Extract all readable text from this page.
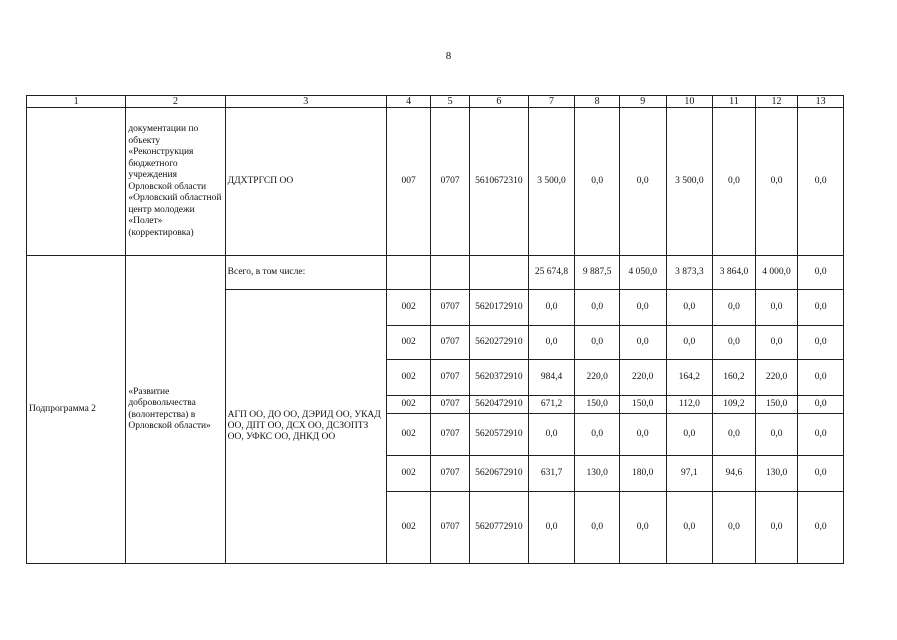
8
1	2	3	4	5	6	7	8	9	10	11	12	13
	документации по объекту «Реконструкция бюджетного учреждения Орловской области «Орловский областной центр молодежи «Полет» (корректировка)	ДДХТРГСП ОО	007	0707	5610672310	3 500,0	0,0	0,0	3 500,0	0,0	0,0	0,0
Подпрограмма 2	«Развитие добровольчества (волонтерства) в Орловской области»	Всего, в том числе:				25 674,8	9 887,5	4 050,0	3 873,3	3 864,0	4 000,0	0,0
		АГП ОО, ДО ОО, ДЭРИД ОО, УКАД ОО, ДПТ ОО, ДСХ ОО, ДСЗОПТЗ ОО, УФКС ОО, ДНКД ОО	002	0707	5620172910	0,0	0,0	0,0	0,0	0,0	0,0	0,0
			002	0707	5620272910	0,0	0,0	0,0	0,0	0,0	0,0	0,0
			002	0707	5620372910	984,4	220,0	220,0	164,2	160,2	220,0	0,0
			002	0707	5620472910	671,2	150,0	150,0	112,0	109,2	150,0	0,0
			002	0707	5620572910	0,0	0,0	0,0	0,0	0,0	0,0	0,0
			002	0707	5620672910	631,7	130,0	180,0	97,1	94,6	130,0	0,0
			002	0707	5620772910	0,0	0,0	0,0	0,0	0,0	0,0	0,0
